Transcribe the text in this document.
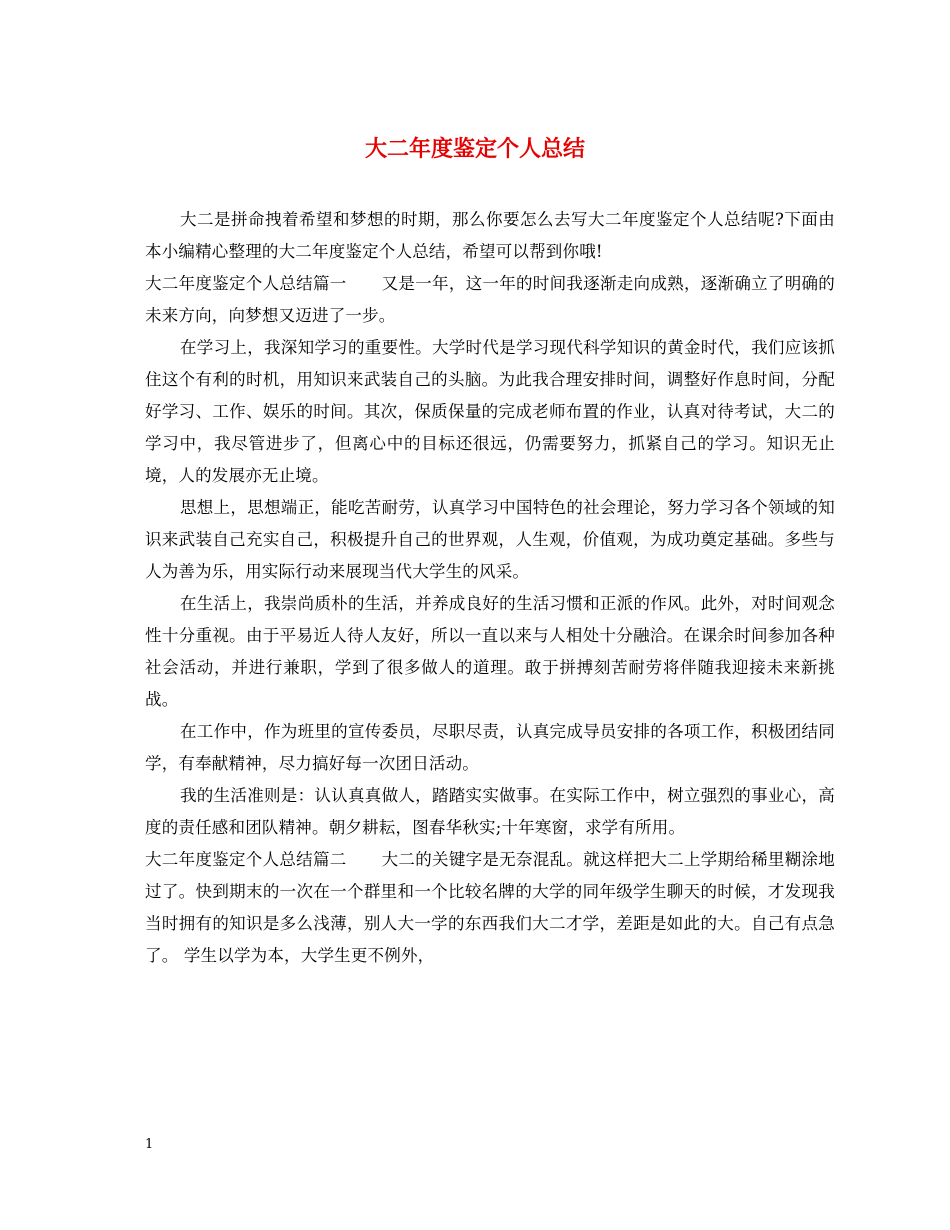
大二年度鉴定个人总结

大二是拼命拽着希望和梦想的时期，那么你要怎么去写大二年度鉴定个人总结呢?下面由本小编精心整理的大二年度鉴定个人总结，希望可以帮到你哦!

大二年度鉴定个人总结篇一 又是一年，这一年的时间我逐渐走向成熟，逐渐确立了明确的未来方向，向梦想又迈进了一步。

在学习上，我深知学习的重要性。大学时代是学习现代科学知识的黄金时代，我们应该抓住这个有利的时机，用知识来武装自己的头脑。为此我合理安排时间，调整好作息时间，分配好学习、工作、娱乐的时间。其次，保质保量的完成老师布置的作业，认真对待考试，大二的学习中，我尽管进步了，但离心中的目标还很远，仍需要努力，抓紧自己的学习。知识无止境，人的发展亦无止境。

思想上，思想端正，能吃苦耐劳，认真学习中国特色的社会理论，努力学习各个领域的知识来武装自己充实自己，积极提升自己的世界观，人生观，价值观，为成功奠定基础。多些与人为善为乐，用实际行动来展现当代大学生的风采。

在生活上，我崇尚质朴的生活，并养成良好的生活习惯和正派的作风。此外，对时间观念性十分重视。由于平易近人待人友好，所以一直以来与人相处十分融洽。在课余时间参加各种社会活动，并进行兼职，学到了很多做人的道理。敢于拼搏刻苦耐劳将伴随我迎接未来新挑战。

在工作中，作为班里的宣传委员，尽职尽责，认真完成导员安排的各项工作，积极团结同学，有奉献精神，尽力搞好每一次团日活动。

我的生活准则是：认认真真做人，踏踏实实做事。在实际工作中，树立强烈的事业心，高度的责任感和团队精神。朝夕耕耘，图春华秋实;十年寒窗，求学有所用。

大二年度鉴定个人总结篇二 大二的关键字是无奈混乱。就这样把大二上学期给稀里糊涂地过了。快到期末的一次在一个群里和一个比较名牌的大学的同年级学生聊天的时候，才发现我当时拥有的知识是多么浅薄，别人大一学的东西我们大二才学，差距是如此的大。自己有点急了。 学生以学为本，大学生更不例外，

1
